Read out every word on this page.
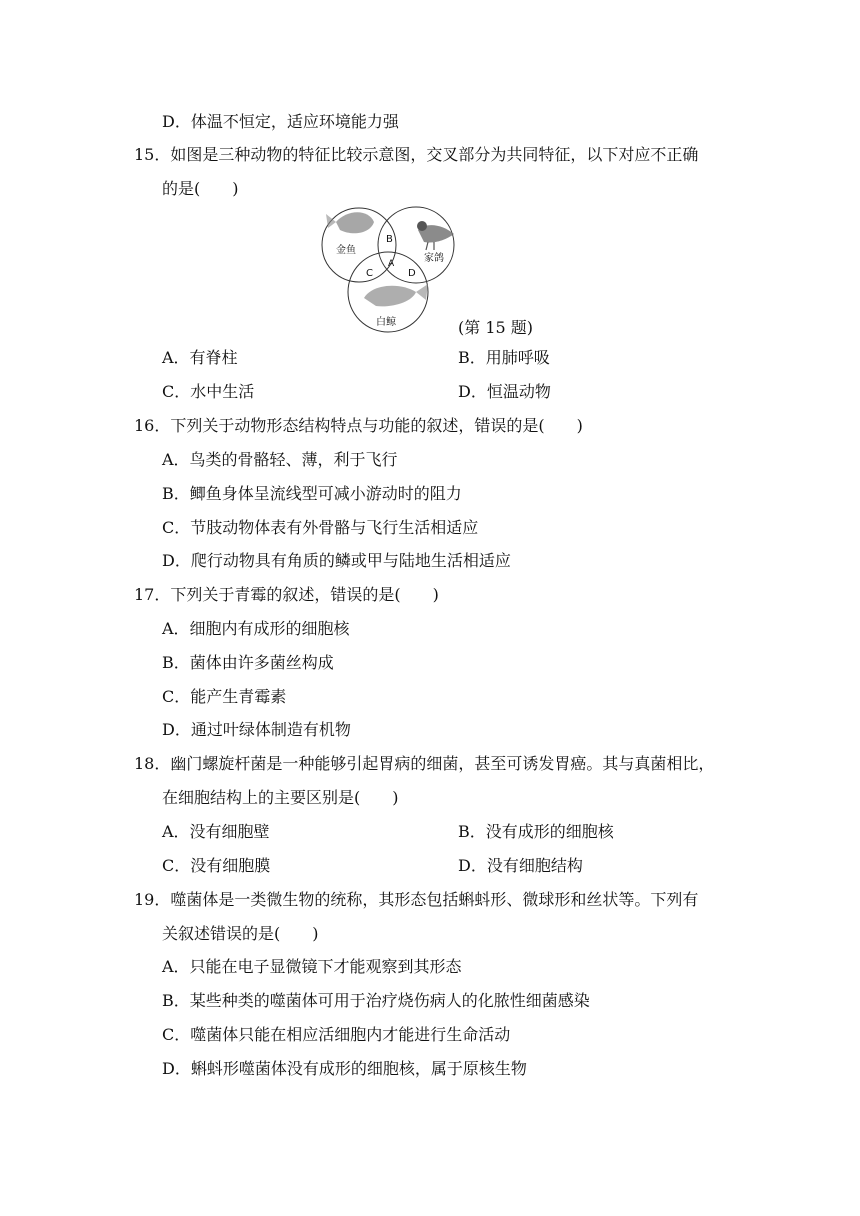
D．体温不恒定，适应环境能力强
15．如图是三种动物的特征比较示意图，交叉部分为共同特征，以下对应不正确
的是(　　)
金鱼
家鸽
白鲸
B
A
C	D
(第 15 题)
A．有脊柱	B．用肺呼吸
C．水中生活	D．恒温动物
16．下列关于动物形态结构特点与功能的叙述，错误的是(　　)
A．鸟类的骨骼轻、薄，利于飞行
B．鲫鱼身体呈流线型可减小游动时的阻力
C．节肢动物体表有外骨骼与飞行生活相适应
D．爬行动物具有角质的鳞或甲与陆地生活相适应
17．下列关于青霉的叙述，错误的是(　　)
A．细胞内有成形的细胞核
B．菌体由许多菌丝构成
C．能产生青霉素
D．通过叶绿体制造有机物
18．幽门螺旋杆菌是一种能够引起胃病的细菌，甚至可诱发胃癌。其与真菌相比，
在细胞结构上的主要区别是(　　)
A．没有细胞壁	B．没有成形的细胞核
C．没有细胞膜	D．没有细胞结构
19．噬菌体是一类微生物的统称，其形态包括蝌蚪形、微球形和丝状等。下列有
关叙述错误的是(　　)
A．只能在电子显微镜下才能观察到其形态
B．某些种类的噬菌体可用于治疗烧伤病人的化脓性细菌感染
C．噬菌体只能在相应活细胞内才能进行生命活动
D．蝌蚪形噬菌体没有成形的细胞核，属于原核生物
